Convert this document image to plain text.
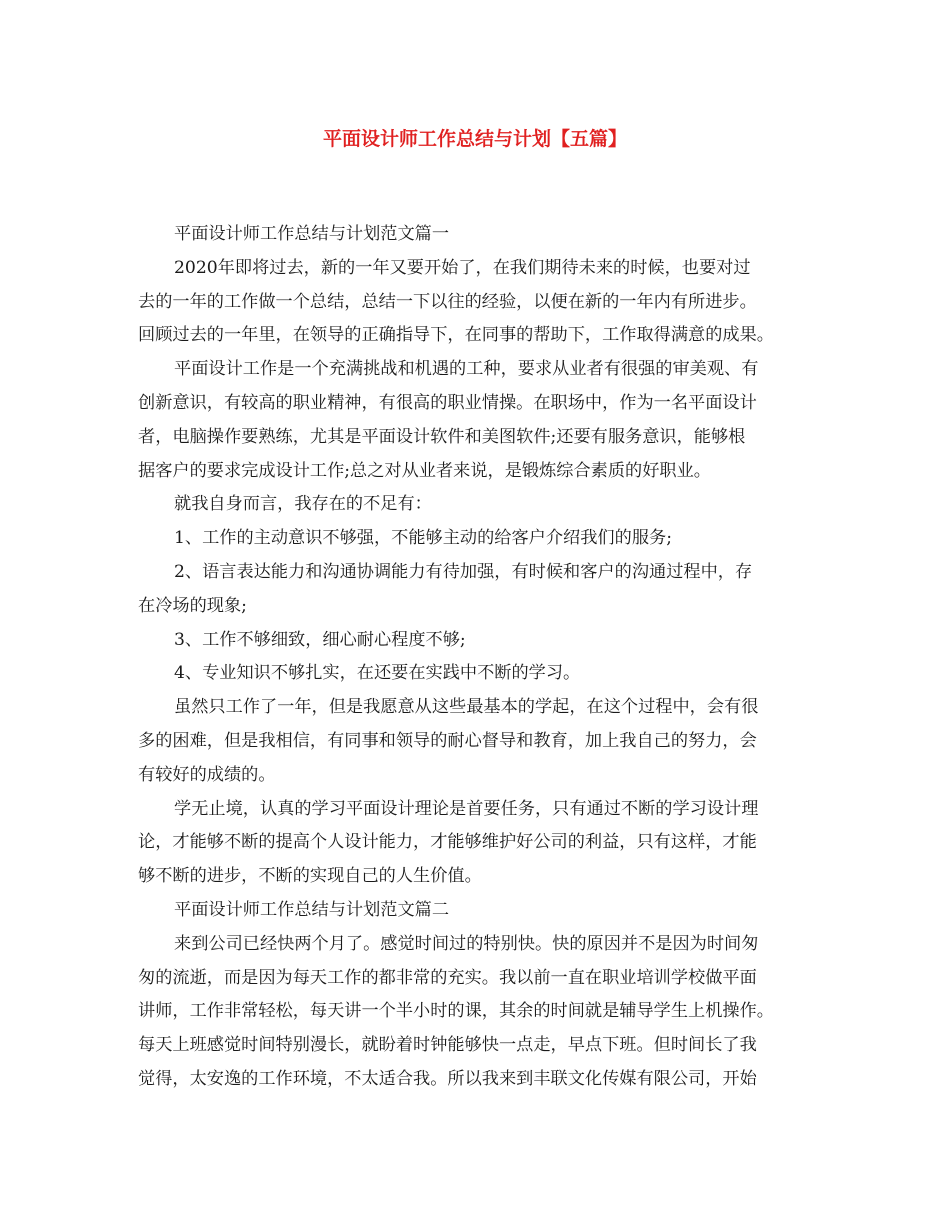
平面设计师工作总结与计划【五篇】

平面设计师工作总结与计划范文篇一

2020年即将过去，新的一年又要开始了，在我们期待未来的时候，也要对过

去的一年的工作做一个总结，总结一下以往的经验，以便在新的一年内有所进步。

回顾过去的一年里，在领导的正确指导下，在同事的帮助下，工作取得满意的成果。

平面设计工作是一个充满挑战和机遇的工种，要求从业者有很强的审美观、有

创新意识，有较高的职业精神，有很高的职业情操。在职场中，作为一名平面设计

者，电脑操作要熟练，尤其是平面设计软件和美图软件;还要有服务意识，能够根

据客户的要求完成设计工作;总之对从业者来说，是锻炼综合素质的好职业。

就我自身而言，我存在的不足有：

1、工作的主动意识不够强，不能够主动的给客户介绍我们的服务;

2、语言表达能力和沟通协调能力有待加强，有时候和客户的沟通过程中，存

在冷场的现象;

3、工作不够细致，细心耐心程度不够;

4、专业知识不够扎实，在还要在实践中不断的学习。

虽然只工作了一年，但是我愿意从这些最基本的学起，在这个过程中，会有很

多的困难，但是我相信，有同事和领导的耐心督导和教育，加上我自己的努力，会

有较好的成绩的。

学无止境，认真的学习平面设计理论是首要任务，只有通过不断的学习设计理

论，才能够不断的提高个人设计能力，才能够维护好公司的利益，只有这样，才能

够不断的进步，不断的实现自己的人生价值。

平面设计师工作总结与计划范文篇二

来到公司已经快两个月了。感觉时间过的特别快。快的原因并不是因为时间匆

匆的流逝，而是因为每天工作的都非常的充实。我以前一直在职业培训学校做平面

讲师，工作非常轻松，每天讲一个半小时的课，其余的时间就是辅导学生上机操作。

每天上班感觉时间特别漫长，就盼着时钟能够快一点走，早点下班。但时间长了我

觉得，太安逸的工作环境，不太适合我。所以我来到丰联文化传媒有限公司，开始
